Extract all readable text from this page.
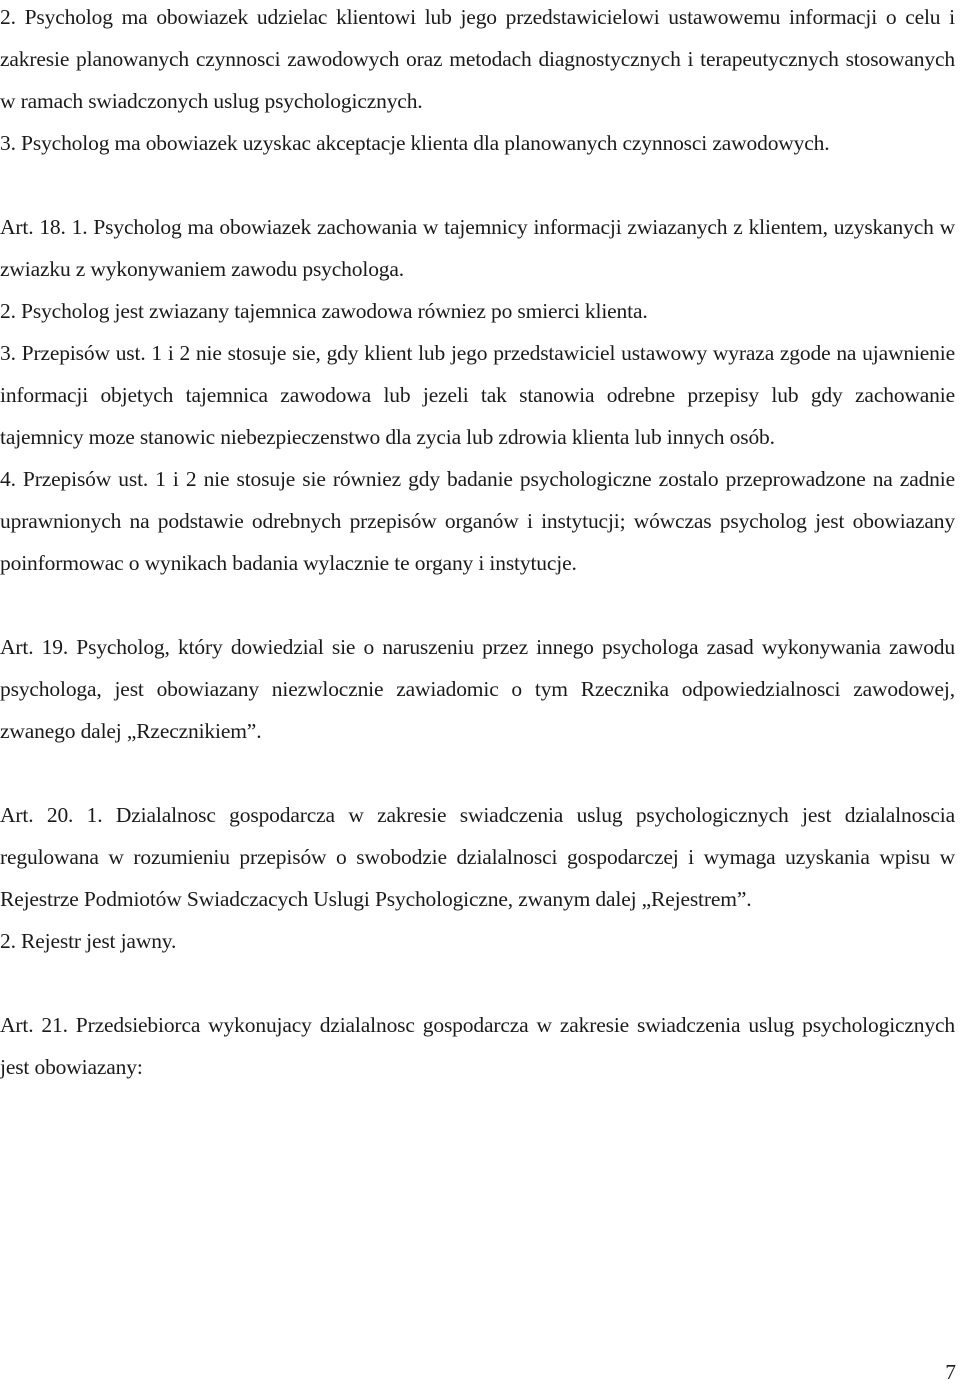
2. Psycholog ma obowiazek udzielac klientowi lub jego przedstawicielowi ustawowemu informacji o celu i zakresie planowanych czynnosci zawodowych oraz metodach diagnostycznych i terapeutycznych stosowanych w ramach swiadczonych uslug psychologicznych.

3. Psycholog ma obowiazek uzyskac akceptacje klienta dla planowanych czynnosci zawodowych.

Art. 18. 1. Psycholog ma obowiazek zachowania w tajemnicy informacji zwiazanych z klientem, uzyskanych w zwiazku z wykonywaniem zawodu psychologa.

2. Psycholog jest zwiazany tajemnica zawodowa równiez po smierci klienta.

3. Przepisów ust. 1 i 2 nie stosuje sie, gdy klient lub jego przedstawiciel ustawowy wyraza zgode na ujawnienie informacji objetych tajemnica zawodowa lub jezeli tak stanowia odrebne przepisy lub gdy zachowanie tajemnicy moze stanowic niebezpieczenstwo dla zycia lub zdrowia klienta lub innych osób.

4. Przepisów ust. 1 i 2 nie stosuje sie równiez gdy badanie psychologiczne zostalo przeprowadzone na zadnie uprawnionych na podstawie odrebnych przepisów organów i instytucji; wówczas psycholog jest obowiazany poinformowac o wynikach badania wylacznie te organy i instytucje.

Art. 19. Psycholog, który dowiedzial sie o naruszeniu przez innego psychologa zasad wykonywania zawodu psychologa, jest obowiazany niezwlocznie zawiadomic o tym Rzecznika odpowiedzialnosci zawodowej, zwanego dalej „Rzecznikiem”.

Art. 20. 1. Dzialalnosc gospodarcza w zakresie swiadczenia uslug psychologicznych jest dzialalnoscia regulowana w rozumieniu przepisów o swobodzie dzialalnosci gospodarczej i wymaga uzyskania wpisu w Rejestrze Podmiotów Swiadczacych Uslugi Psychologiczne, zwanym dalej „Rejestrem”.

2. Rejestr jest jawny.

Art. 21. Przedsiebiorca wykonujacy dzialalnosc gospodarcza w zakresie swiadczenia uslug psychologicznych jest obowiazany:

7
